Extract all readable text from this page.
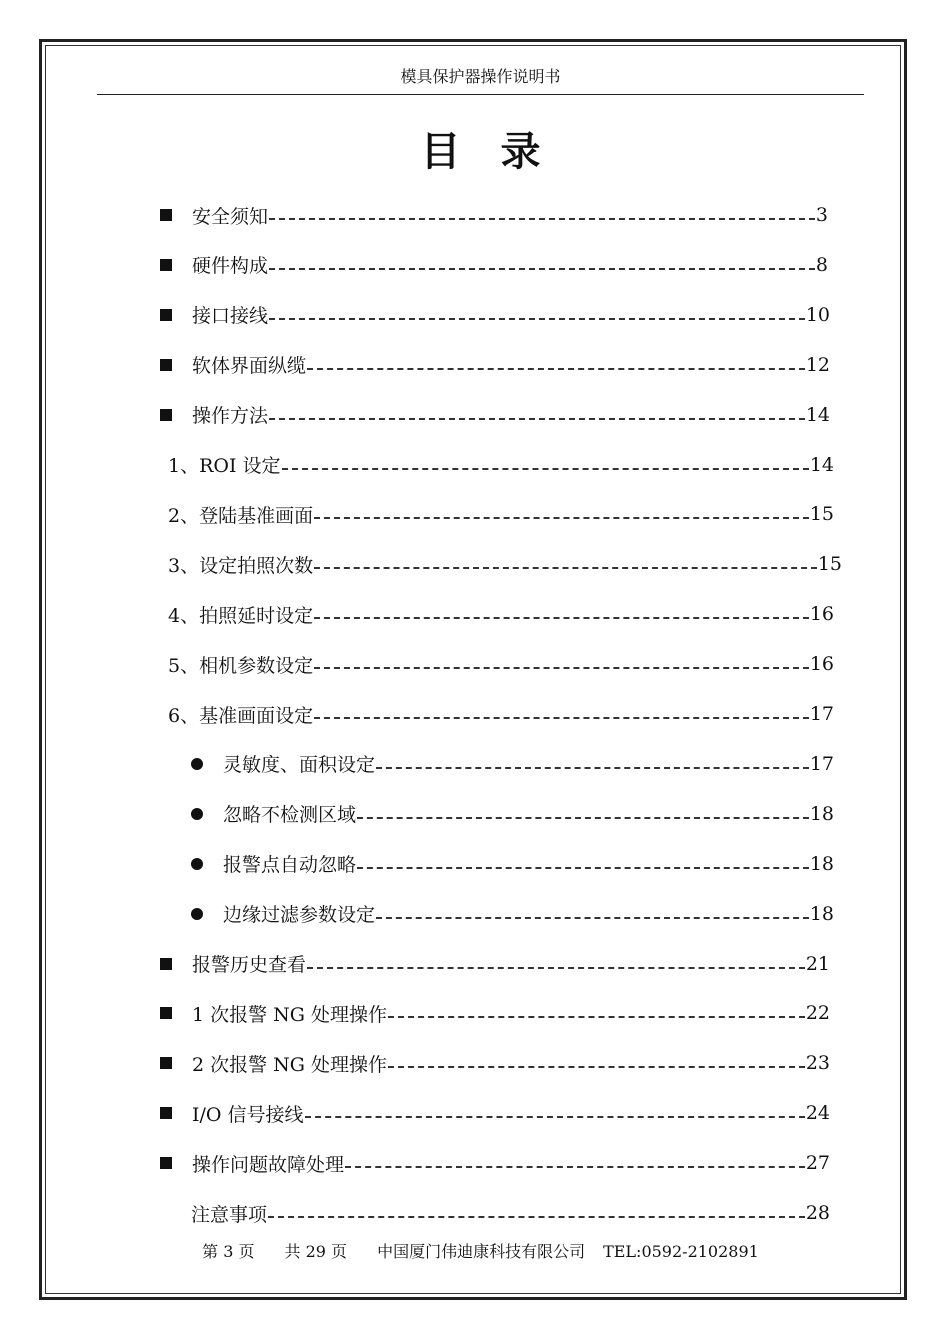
模具保护器操作说明书
目录
安全须知	3
硬件构成	8
接口接线	10
软体界面纵缆	12
操作方法	14
1、ROI 设定	14
2、登陆基准画面	15
3、设定拍照次数	15
4、拍照延时设定	16
5、相机参数设定	16
6、基准画面设定	17
灵敏度、面积设定	17
忽略不检测区域	18
报警点自动忽略	18
边缘过滤参数设定	18
报警历史查看	21
1 次报警 NG 处理操作	22
2 次报警 NG 处理操作	23
I/O 信号接线	24
操作问题故障处理	27
注意事项	28
第 3 页 共 29 页 中国厦门伟迪康科技有限公司 TEL:0592-2102891
